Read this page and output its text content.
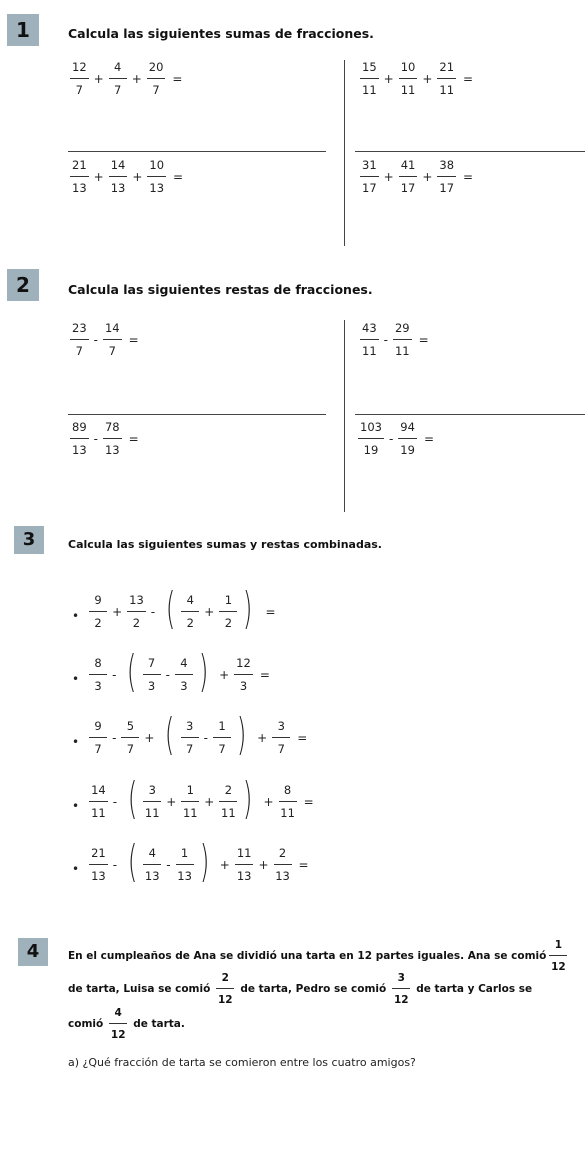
1	Calcula las siguientes sumas de fracciones.
$\frac{12}{7} + \frac{4}{7} + \frac{20}{7}$ =	$\frac{15}{11} + \frac{10}{11} + \frac{21}{11}$ =
$\frac{21}{13} + \frac{14}{13} + \frac{10}{13}$ =	$\frac{31}{17} + \frac{41}{17} + \frac{38}{17}$ =
2	Calcula las siguientes restas de fracciones.
$\frac{23}{7} - \frac{14}{7}$ =	$\frac{43}{11} - \frac{29}{11}$ =
$\frac{89}{13} - \frac{78}{13}$ =	$\frac{103}{19} - \frac{94}{19}$ =
3	Calcula las siguientes sumas y restas combinadas.
• $\frac{9}{2} + \frac{13}{2}$ - ( $\frac{4}{2} + \frac{1}{2}$ ) =
• $\frac{8}{3}$ - ( $\frac{7}{3} - \frac{4}{3}$ ) + $\frac{12}{3}$ =
• $\frac{9}{7} - \frac{5}{7}$ + ( $\frac{3}{7} - \frac{1}{7}$ ) + $\frac{3}{7}$ =
• $\frac{14}{11}$ - ( $\frac{3}{11} + \frac{1}{11} + \frac{2}{11}$ ) + $\frac{8}{11}$ =
• $\frac{21}{13}$ - ( $\frac{4}{13} - \frac{1}{13}$ ) + $\frac{11}{13} + \frac{2}{13}$ =
4	En el cumpleaños de Ana se dividió una tarta en 12 partes iguales. Ana se comió $\frac{1}{12}$
de tarta, Luisa se comió $\frac{2}{12}$ de tarta, Pedro se comió $\frac{3}{12}$ de tarta y Carlos se
comió $\frac{4}{12}$ de tarta.
a) ¿Qué fracción de tarta se comieron entre los cuatro amigos?
